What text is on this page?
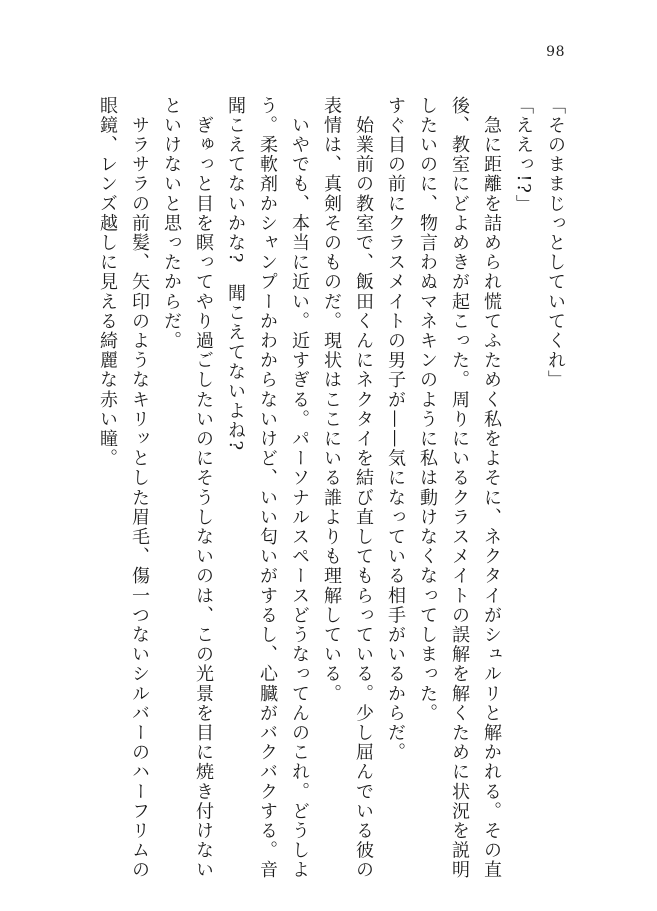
98

「そのままじっとしていてくれ」

「ええっ!?」

　急に距離を詰められ慌てふためく私をよそに、ネクタイがシュルリと解かれる。その直

後、教室にどよめきが起こった。周りにいるクラスメイトの誤解を解くために状況を説明

したいのに、物言わぬマネキンのように私は動けなくなってしまった。

すぐ目の前にクラスメイトの男子が——気になっている相手がいるからだ。

　始業前の教室で、飯田くんにネクタイを結び直してもらっている。少し屈んでいる彼の

表情は、真剣そのものだ。現状はここにいる誰よりも理解している。

　いやでも、本当に近い。近すぎる。パーソナルスペースどうなってんのこれ。どうしよ

う。柔軟剤かシャンプーかわからないけど、いい匂いがするし、心臓がバクバクする。音

聞こえてないかな?　聞こえてないよね?

　ぎゅっと目を瞑ってやり過ごしたいのにそうしないのは、この光景を目に焼き付けない

といけないと思ったからだ。

　サラサラの前髪、矢印のようなキリッとした眉毛、傷一つないシルバーのハーフリムの

眼鏡、レンズ越しに見える綺麗な赤い瞳。
